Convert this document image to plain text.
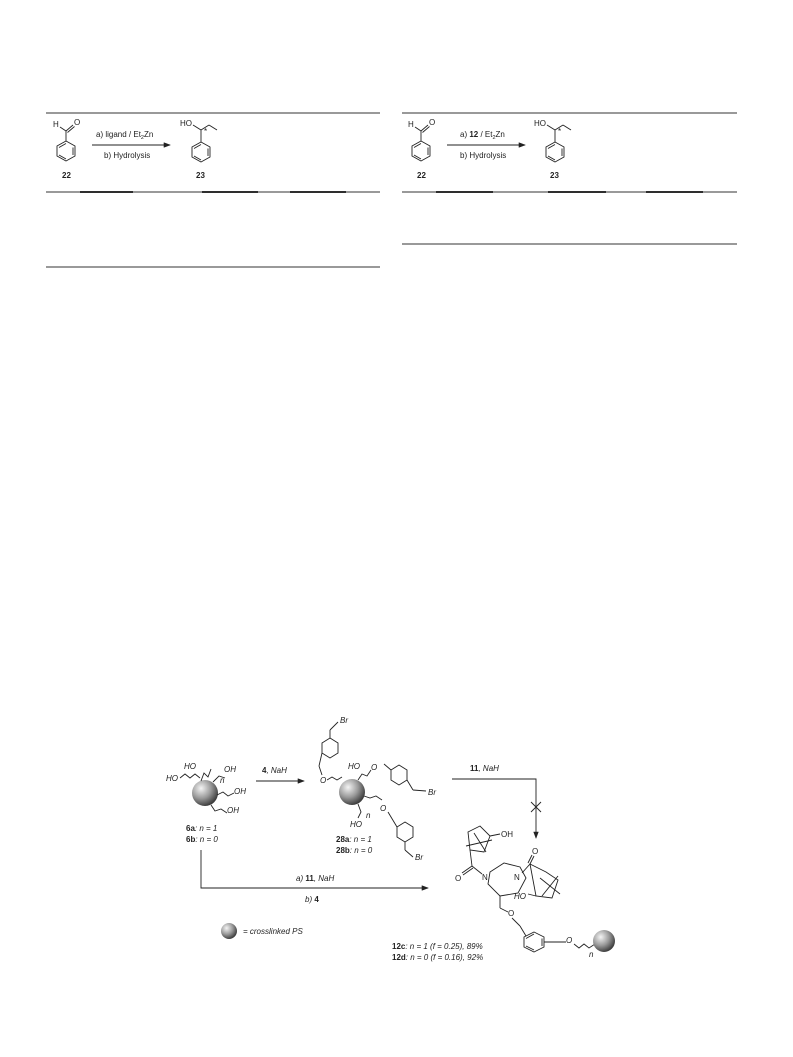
H O
22
a) ligand / $Et_2Zn$
b) Hydrolysis
HO
*
23
H O
22
a) $12 / Et_2Zn$
b) Hydrolysis
HO
*
23
HO
HO	OH
OH
OH
n
6a: n = 1
6b: n = 0
4, NaH
Br
O
Br
O
HO
Br
O
HO
n
28a: n = 1
28b: n = 0
11, NaH
a) 11, NaH
b) 4
= crosslinked PS
OH
O	N	N
O
HO
O
O
n
12c: n = 1 (f = 0.25), 89%
12d: n = 0 (f = 0.16), 92%
